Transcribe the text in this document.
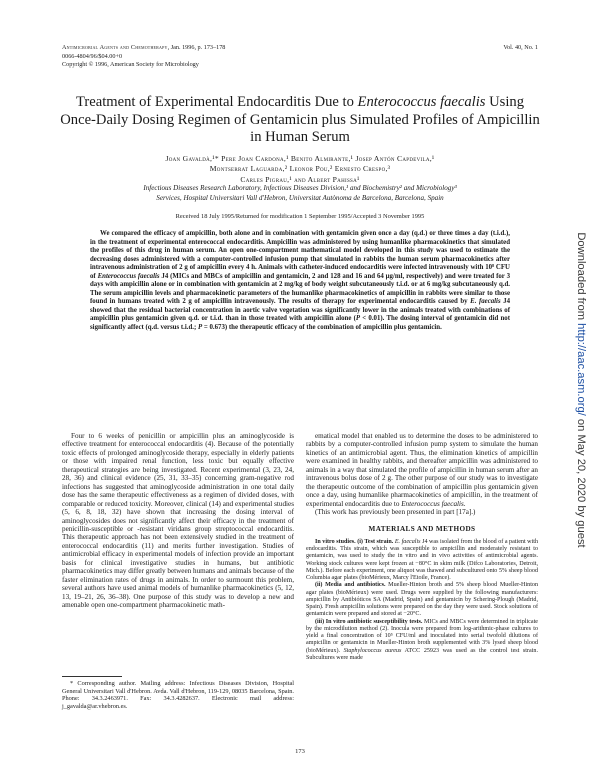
Antimicrobial Agents and Chemotherapy, Jan. 1996, p. 173–178
0066-4804/96/$04.00+0
Copyright © 1996, American Society for Microbiology
Vol. 40, No. 1
Treatment of Experimental Endocarditis Due to Enterococcus faecalis Using Once-Daily Dosing Regimen of Gentamicin plus Simulated Profiles of Ampicillin in Human Serum
Joan Gavaldà,¹* Pere Joan Cardona,¹ Benito Almirante,¹ Josep Antón Capdevila,¹
Montserrat Laguarda,² Leonor Pou,² Ernesto Crespo,³
Carles Pigrau,¹ and Albert Pahissa¹
Infectious Diseases Research Laboratory, Infectious Diseases Division,¹ and Biochemistry² and Microbiology³
Services, Hospital Universitari Vall d'Hebron, Universitat Autònoma de Barcelona, Barcelona, Spain
Received 18 July 1995/Returned for modification 1 September 1995/Accepted 3 November 1995

We compared the efficacy of ampicillin, both alone and in combination with gentamicin given once a day (q.d.) or three times a day (t.i.d.), in the treatment of experimental enterococcal endocarditis. Ampicillin was administered by using humanlike pharmacokinetics that simulated the profiles of this drug in human serum. An open one-compartment mathematical model developed in this study was used to estimate the decreasing doses administered with a computer-controlled infusion pump that simulated in rabbits the human serum pharmacokinetics after intravenous administration of 2 g of ampicillin every 4 h. Animals with catheter-induced endocarditis were infected intravenously with 10⁸ CFU of Enterococcus faecalis J4 (MICs and MBCs of ampicillin and gentamicin, 2 and 128 and 16 and 64 μg/ml, respectively) and were treated for 3 days with ampicillin alone or in combination with gentamicin at 2 mg/kg of body weight subcutaneously t.i.d. or at 6 mg/kg subcutaneously q.d. The serum ampicillin levels and pharmacokinetic parameters of the humanlike pharmacokinetics of ampicillin in rabbits were similar to those found in humans treated with 2 g of ampicillin intravenously. The results of therapy for experimental endocarditis caused by E. faecalis J4 showed that the residual bacterial concentration in aortic valve vegetation was significantly lower in the animals treated with combinations of ampicillin plus gentamicin given q.d. or t.i.d. than in those treated with ampicillin alone (P < 0.01). The dosing interval of gentamicin did not significantly affect (q.d. versus t.i.d.; P = 0.673) the therapeutic efficacy of the combination of ampicillin plus gentamicin.

Four to 6 weeks of penicillin or ampicillin plus an aminoglycoside is effective treatment for enterococcal endocarditis (4). Because of the potentially toxic effects of prolonged aminoglycoside therapy, especially in elderly patients or those with impaired renal function, less toxic but equally effective therapeutical strategies are being investigated. Recent experimental (3, 23, 24, 28, 36) and clinical evidence (25, 31, 33–35) concerning gram-negative rod infections has suggested that aminoglycoside administration in one total daily dose has the same therapeutic effectiveness as a regimen of divided doses, with comparable or reduced toxicity. Moreover, clinical (14) and experimental studies (5, 6, 8, 18, 32) have shown that increasing the dosing interval of aminoglycosides does not significantly affect their efficacy in the treatment of penicillin-susceptible or -resistant viridans group streptococcal endocarditis. This therapeutic approach has not been extensively studied in the treatment of enterococcal endocarditis (11) and merits further investigation. Studies of antimicrobial efficacy in experimental models of infection provide an important basis for clinical investigative studies in humans, but antibiotic pharmacokinetics may differ greatly between humans and animals because of the faster elimination rates of drugs in animals. In order to surmount this problem, several authors have used animal models of humanlike pharmacokinetics (5, 12, 13, 19–21, 26, 36–38). One purpose of this study was to develop a new and amenable open one-compartment pharmacokinetic math-

* Corresponding author. Mailing address: Infectious Diseases Division, Hospital General Universitari Vall d'Hebron. Avda. Vall d'Hebron, 119-129, 08035 Barcelona, Spain. Phone: 34.3.2463971. Fax: 34.3.4282637. Electronic mail address: j_gavalda@ar.vhebron.es.

ematical model that enabled us to determine the doses to be administered to rabbits by a computer-controlled infusion pump system to simulate the human kinetics of an antimicrobial agent. Thus, the elimination kinetics of ampicillin were examined in healthy rabbits, and thereafter ampicillin was administered to animals in a way that simulated the profile of ampicillin in human serum after an intravenous bolus dose of 2 g. The other purpose of our study was to investigate the therapeutic outcome of the combination of ampicillin plus gentamicin given once a day, using humanlike pharmacokinetics of ampicillin, in the treatment of experimental endocarditis due to Enterococcus faecalis.

(This work has previously been presented in part [17a].)

MATERIALS AND METHODS

In vitro studies. (i) Test strain. E. faecalis J4 was isolated from the blood of a patient with endocarditis. This strain, which was susceptible to ampicillin and moderately resistant to gentamicin, was used to study the in vitro and in vivo activities of antimicrobial agents. Working stock cultures were kept frozen at −80°C in skim milk (Difco Laboratories, Detroit, Mich.). Before each experiment, one aliquot was thawed and subcultured onto 5% sheep blood Columbia agar plates (bioMérieux, Marcy l'Etoile, France).

(ii) Media and antibiotics. Mueller-Hinton broth and 5% sheep blood Mueller-Hinton agar plates (bioMérieux) were used. Drugs were supplied by the following manufacturers: ampicillin by Antibióticos SA (Madrid, Spain) and gentamicin by Schering-Plough (Madrid, Spain). Fresh ampicillin solutions were prepared on the day they were used. Stock solutions of gentamicin were prepared and stored at −20°C.

(iii) In vitro antibiotic susceptibility tests. MICs and MBCs were determined in triplicate by the microdilution method (2). Inocula were prepared from log-arithmic-phase cultures to yield a final concentration of 10⁵ CFU/ml and inoculated into serial twofold dilutions of ampicillin or gentamicin in Mueller-Hinton broth supplemented with 3% lysed sheep blood (bioMérieux). Staphylococcus aureus ATCC 25923 was used as the control test strain. Subcultures were made

173
Downloaded from http://aac.asm.org/ on May 20, 2020 by guest
